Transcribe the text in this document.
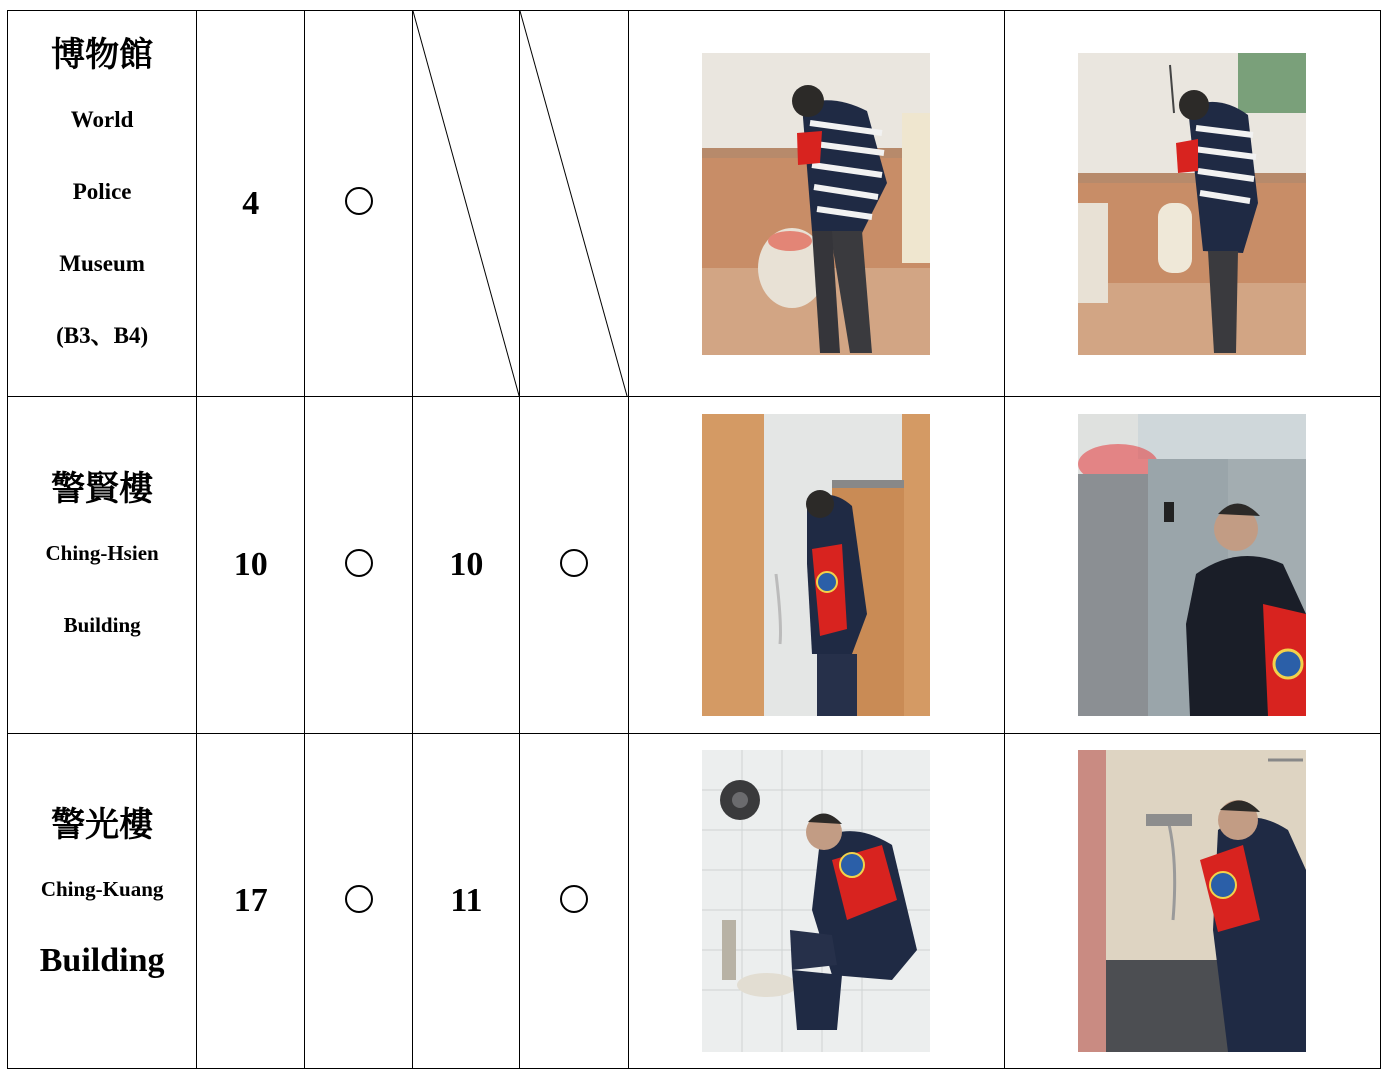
博物館
World
Police
Museum
(B3、B4)	4		

警賢樓
Ching-Hsien
Building	10		10		

警光樓
Ching-Kuang
Building	17		11		
